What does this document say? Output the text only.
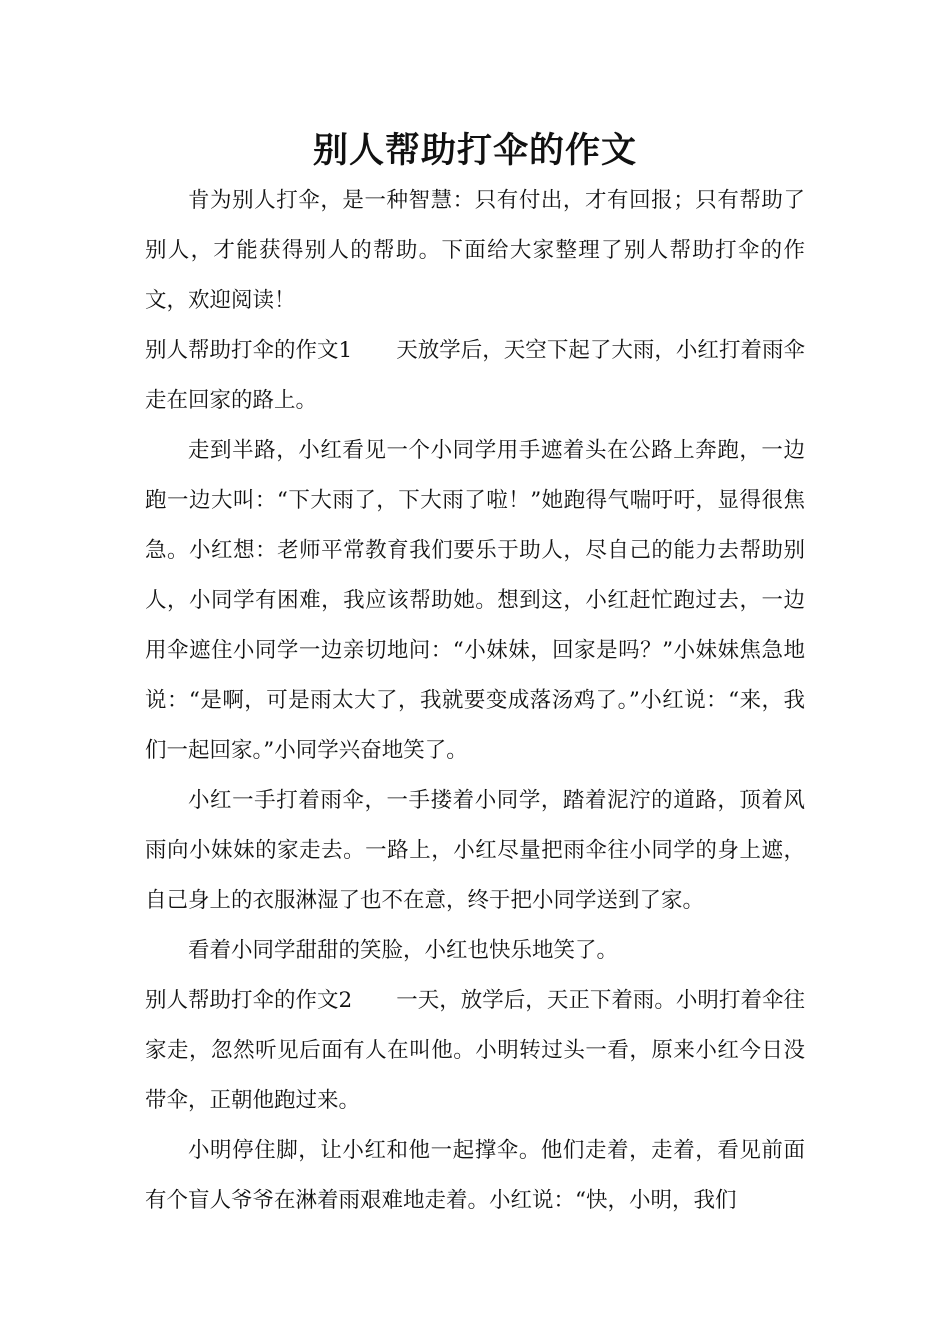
别人帮助打伞的作文

肯为别人打伞，是一种智慧：只有付出，才有回报；只有帮助了别人，才能获得别人的帮助。下面给大家整理了别人帮助打伞的作文，欢迎阅读！

别人帮助打伞的作文1 天放学后，天空下起了大雨，小红打着雨伞走在回家的路上。

走到半路，小红看见一个小同学用手遮着头在公路上奔跑，一边跑一边大叫：“下大雨了，下大雨了啦！”她跑得气喘吁吁，显得很焦急。小红想：老师平常教育我们要乐于助人，尽自己的能力去帮助别人，小同学有困难，我应该帮助她。想到这，小红赶忙跑过去，一边用伞遮住小同学一边亲切地问：“小妹妹，回家是吗？”小妹妹焦急地说：“是啊，可是雨太大了，我就要变成落汤鸡了。”小红说：“来，我们一起回家。”小同学兴奋地笑了。

小红一手打着雨伞，一手搂着小同学，踏着泥泞的道路，顶着风雨向小妹妹的家走去。一路上，小红尽量把雨伞往小同学的身上遮，自己身上的衣服淋湿了也不在意，终于把小同学送到了家。

看着小同学甜甜的笑脸，小红也快乐地笑了。

别人帮助打伞的作文2 一天，放学后，天正下着雨。小明打着伞往家走，忽然听见后面有人在叫他。小明转过头一看，原来小红今日没带伞，正朝他跑过来。

小明停住脚，让小红和他一起撑伞。他们走着，走着，看见前面有个盲人爷爷在淋着雨艰难地走着。小红说：“快，小明，我们
